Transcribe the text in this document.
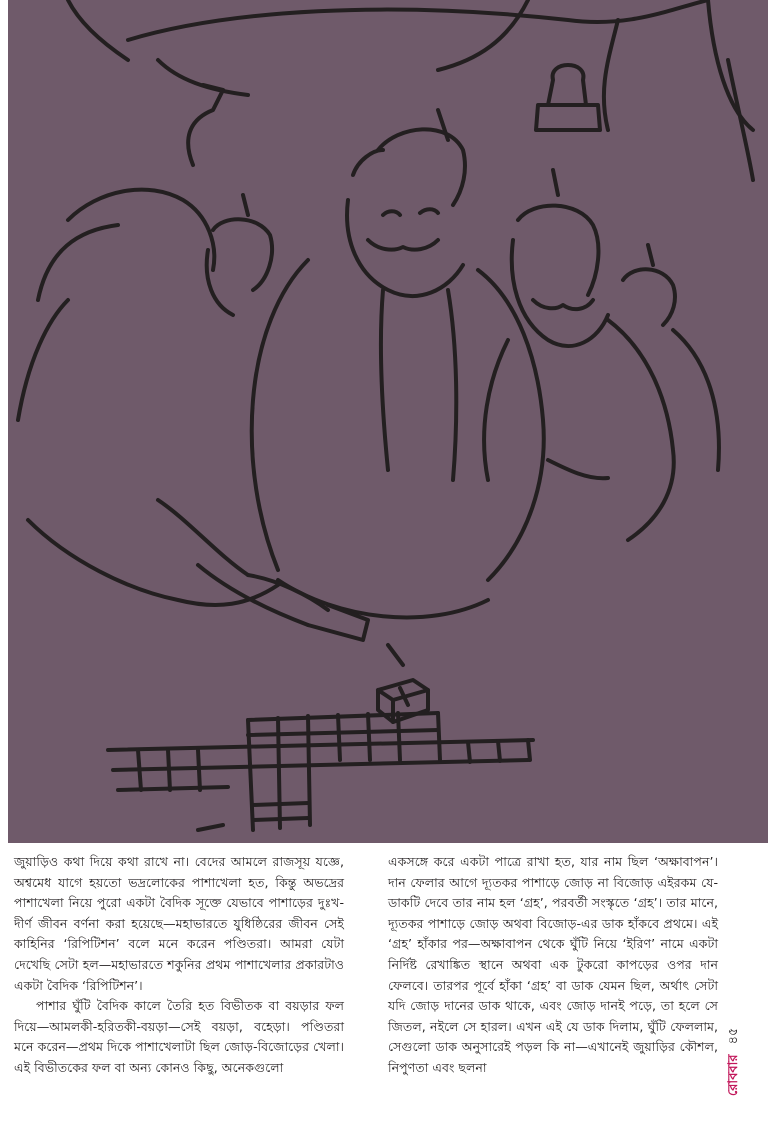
জুয়াড়িও কথা দিয়ে কথা রাখে না। বেদের আমলে রাজসূয় যজ্ঞে, অশ্বমেধ যাগে হয়তো ভদ্রলোকের পাশাখেলা হত, কিন্তু অভদ্রের পাশাখেলা নিয়ে পুরো একটা বৈদিক সূক্তে যেভাবে পাশাড়ের দুঃখ-দীর্ণ জীবন বর্ণনা করা হয়েছে—মহাভারতে যুধিষ্ঠিরের জীবন সেই কাহিনির ‘রিপিটিশন’ বলে মনে করেন পণ্ডিতরা। আমরা যেটা দেখেছি সেটা হল—মহাভারতে শকুনির প্রথম পাশাখেলার প্রকারটাও একটা বৈদিক ‘রিপিটিশন’।

পাশার ঘুঁটি বৈদিক কালে তৈরি হত বিভীতক বা বয়ড়ার ফল দিয়ে—আমলকী-হরিতকী-বয়ড়া—সেই বয়ড়া, বহেড়া। পণ্ডিতরা মনে করেন—প্রথম দিকে পাশাখেলাটা ছিল জোড়-বিজোড়ের খেলা। এই বিভীতকের ফল বা অন্য কোনও কিছু, অনেকগুলো

একসঙ্গে করে একটা পাত্রে রাখা হত, যার নাম ছিল ‘অক্ষাবাপন’। দান ফেলার আগে দ্যূতকর পাশাড়ে জোড় না বিজোড় এইরকম যে-ডাকটি দেবে তার নাম হল ‘গ্রহ’, পরবর্তী সংস্কৃতে ‘গ্রহ’। তার মানে, দ্যূতকর পাশাড়ে জোড় অথবা বিজোড়-এর ডাক হাঁকবে প্রথমে। এই ‘গ্রহ’ হাঁকার পর—অক্ষাবাপন থেকে ঘুঁটি নিয়ে ‘ইরিণ’ নামে একটা নির্দিষ্ট রেখাঙ্কিত স্থানে অথবা এক টুকরো কাপড়ের ওপর দান ফেলবে। তারপর পূর্বে হাঁকা ‘গ্রহ’ বা ডাক যেমন ছিল, অর্থাৎ সেটা যদি জোড় দানের ডাক থাকে, এবং জোড় দানই পড়ে, তা হলে সে জিতল, নইলে সে হারল। এখন এই যে ডাক দিলাম, ঘুঁটি ফেললাম, সেগুলো ডাক অনুসারেই পড়ল কি না—এখানেই জুয়াড়ির কৌশল, নিপুণতা এবং ছলনা	রোববার
৪৫
